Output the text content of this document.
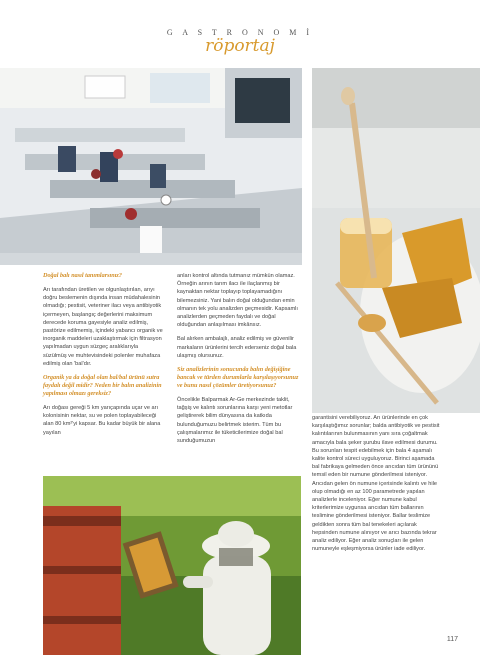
G A S T R O N O M İ
röportaj

Doğal balı nasıl tanımlarsınız?

Arı tarafından üretilen ve olgunlaştırılan, arıyı doğru beslemenin dışında insan müdahalesinin olmadığı; pestisit, veteriner ilacı veya antibiyotik içermeyen, başlangıç değerlerini maksimum derecede koruma gayesiyle analiz edilmiş, pastörize edilmemiş, içindeki yabancı organik ve inorganik maddeleri uzaklaştırmak için filtrasyon yapılmadan uygun süzgeç aralıklarıyla süzülmüş ve muhtevisindeki polenler muhafaza edilmiş olan 'bal'dır.

Organik ya da doğal olan bal/bal ürünü sutra faydalı değil midir? Neden bir balın analizinin yapılması olmazı gereksiz?

Arı doğası gereği 5 km yarıçapında uçar ve arı kolonisinin nektar, su ve polen toplayabileceği alan 80 km²'yi kapsar. Bu kadar büyük bir alana yayılan

anları kontrol altında tutmanız mümkün olamaz. Örneğin arının tarım ilacı ile ilaçlanmış bir kaynaktan nektar toplayıp toplayamadığını bilemezsiniz. Yani balın doğal olduğundan emin olmanın tek yolu analizden geçmesidir. Kapsamlı analizlerden geçmeden faydalı ve doğal olduğundan anlaşılması imkânsız.

Bal alırken ambalajlı, analiz edilmiş ve güvenilir markaların ürünlerini tercih ederseniz doğal bala ulaşmış olursunuz.

Siz analizlerinin sonucunda balın değişiğine bancak ve türden durumlarla karşılaşıyorsunuz ve bunu nasıl çözümler üretiyorsunuz?

Öncelikle Balparmak Ar-Ge merkezinde taklit, tağşiş ve kalıntı sorunlarına karşı yeni metotlar geliştirerek bilim dünyasına da katkıda bulunduğumuzu belirtmek isterim. Tüm bu çalışmalarımız ile tüketicilerimize doğal bal sunduğumuzun

garantisini verebiliyoruz. Arı ürünlerinde en çok karşılaştığımız sorunlar; balda antibiyotik ve pestisit kalıntılarının bulunmasının yanı sıra çoğaltmak amacıyla bala şeker şurubu ilave edilmesi durumu. Bu sorunları tespit edebilmek için bala 4 aşamalı kalite kontrol süreci uyguluyoruz. Birinci aşamada bal fabrikaya gelmeden önce arıcıdan tüm ürününü temsil eden bir numune gönderilmesi isteniyor. Arıcıdan gelen ön numune içerisinde kalıntı ve hile olup olmadığı en az 100 parametrede yapılan analizlerle inceleniyor. Eğer numune kabul kriterlerimize uygunsa arıcıdan tüm ballarının teslimine gönderilmesi isteniyor. Ballar teslimize geldikten sonra tüm bal tenekeleri açılarak hepsinden numune alınıyor ve arıcı bazında tekrar analiz ediliyor. Eğer analiz sonuçları ile gelen numuneyle eşleşmiyorsa ürünler iade ediliyor.

117
